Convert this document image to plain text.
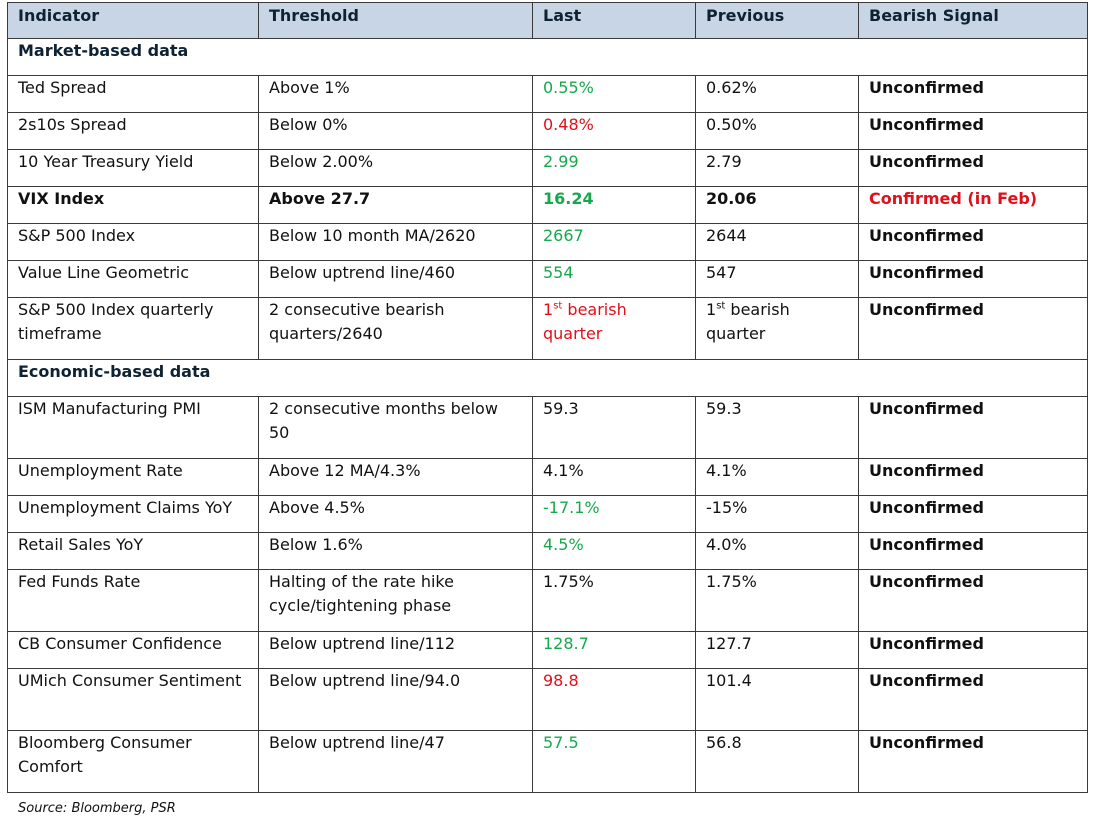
Indicator	Threshold	Last	Previous	Bearish Signal
Market-based data				
Ted Spread	Above 1%	0.55%	0.62%	Unconfirmed
2s10s Spread	Below 0%	0.48%	0.50%	Unconfirmed
10 Year Treasury Yield	Below 2.00%	2.99	2.79	Unconfirmed
VIX Index	Above 27.7	16.24	20.06	Confirmed (in Feb)
S&P 500 Index	Below 10 month MA/2620	2667	2644	Unconfirmed
Value Line Geometric	Below uptrend line/460	554	547	Unconfirmed
S&P 500 Index quarterly timeframe	2 consecutive bearish quarters/2640	1st bearish quarter	1st bearish quarter	Unconfirmed
Economic-based data				
ISM Manufacturing PMI	2 consecutive months below 50	59.3	59.3	Unconfirmed
Unemployment Rate	Above 12 MA/4.3%	4.1%	4.1%	Unconfirmed
Unemployment Claims YoY	Above 4.5%	-17.1%	-15%	Unconfirmed
Retail Sales YoY	Below 1.6%	4.5%	4.0%	Unconfirmed
Fed Funds Rate	Halting of the rate hike cycle/tightening phase	1.75%	1.75%	Unconfirmed
CB Consumer Confidence	Below uptrend line/112	128.7	127.7	Unconfirmed
UMich Consumer Sentiment	Below uptrend line/94.0	98.8	101.4	Unconfirmed
Bloomberg Consumer Comfort	Below uptrend line/47	57.5	56.8	Unconfirmed
Source: Bloomberg, PSR
